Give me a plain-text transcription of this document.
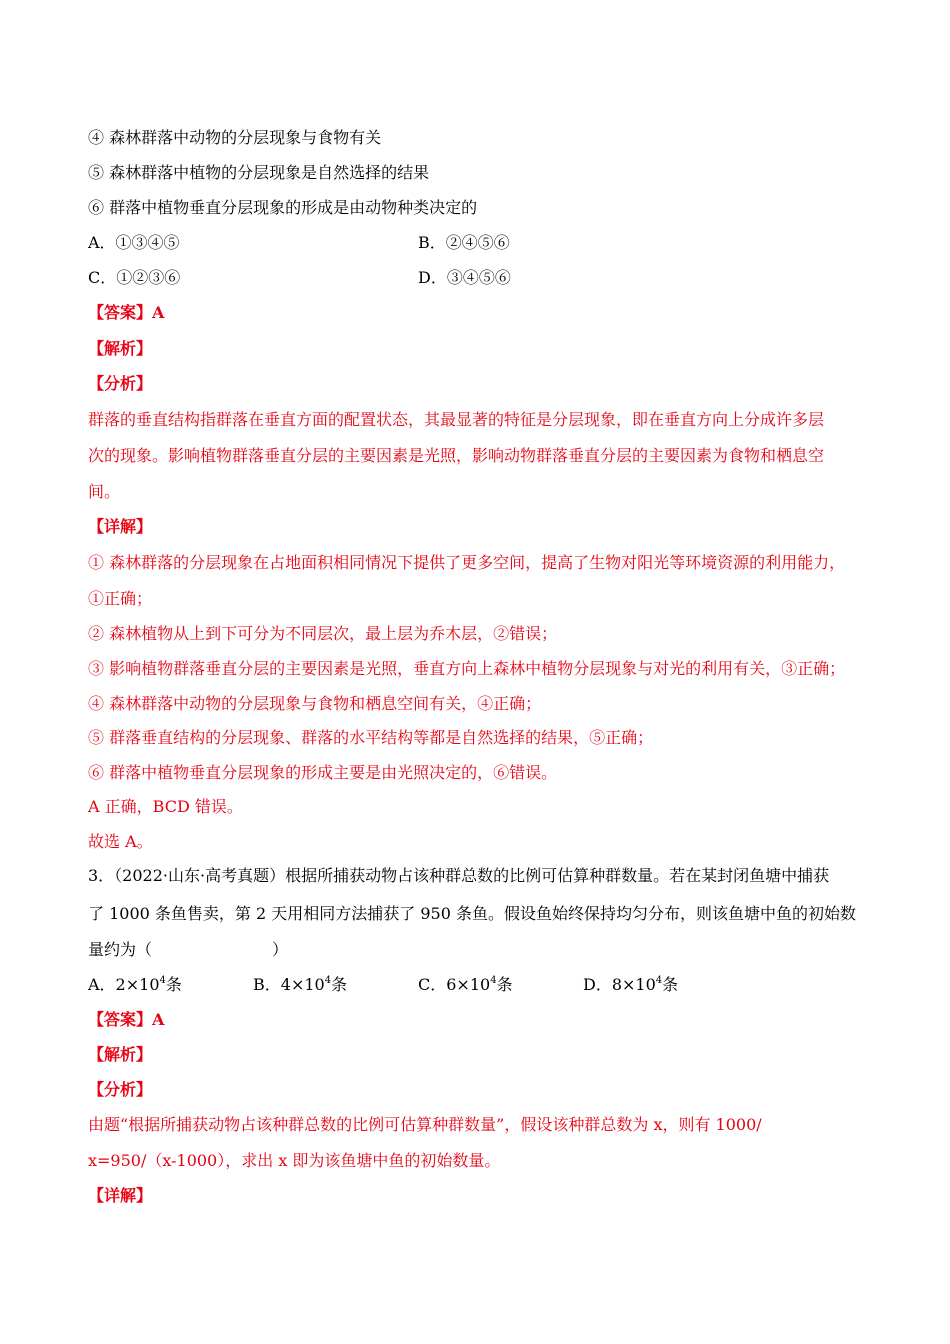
④ 森林群落中动物的分层现象与食物有关
⑤ 森林群落中植物的分层现象是自然选择的结果
⑥ 群落中植物垂直分层现象的形成是由动物种类决定的
A．①③④⑤	B．②④⑤⑥
C．①②③⑥	D．③④⑤⑥
【答案】A
【解析】
【分析】
群落的垂直结构指群落在垂直方面的配置状态，其最显著的特征是分层现象，即在垂直方向上分成许多层
次的现象。影响植物群落垂直分层的主要因素是光照，影响动物群落垂直分层的主要因素为食物和栖息空
间。
【详解】
① 森林群落的分层现象在占地面积相同情况下提供了更多空间，提高了生物对阳光等环境资源的利用能力，
①正确；
② 森林植物从上到下可分为不同层次，最上层为乔木层，②错误；
③ 影响植物群落垂直分层的主要因素是光照，垂直方向上森林中植物分层现象与对光的利用有关，③正确；
④ 森林群落中动物的分层现象与食物和栖息空间有关，④正确；
⑤ 群落垂直结构的分层现象、群落的水平结构等都是自然选择的结果，⑤正确；
⑥ 群落中植物垂直分层现象的形成主要是由光照决定的，⑥错误。
A 正确，BCD 错误。
故选 A。
3．（2022·山东·高考真题）根据所捕获动物占该种群总数的比例可估算种群数量。若在某封闭鱼塘中捕获
了 1000 条鱼售卖，第 2 天用相同方法捕获了 950 条鱼。假设鱼始终保持均匀分布，则该鱼塘中鱼的初始数
量约为（	）
A．$2\times 10^4$条	B．$4\times 10^4$条	C．$6\times 10^4$条	D．$8\times 10^4$条
【答案】A
【解析】
【分析】
由题“根据所捕获动物占该种群总数的比例可估算种群数量”，假设该种群总数为 x，则有 1000/
x=950/（x-1000），求出 x 即为该鱼塘中鱼的初始数量。
【详解】
